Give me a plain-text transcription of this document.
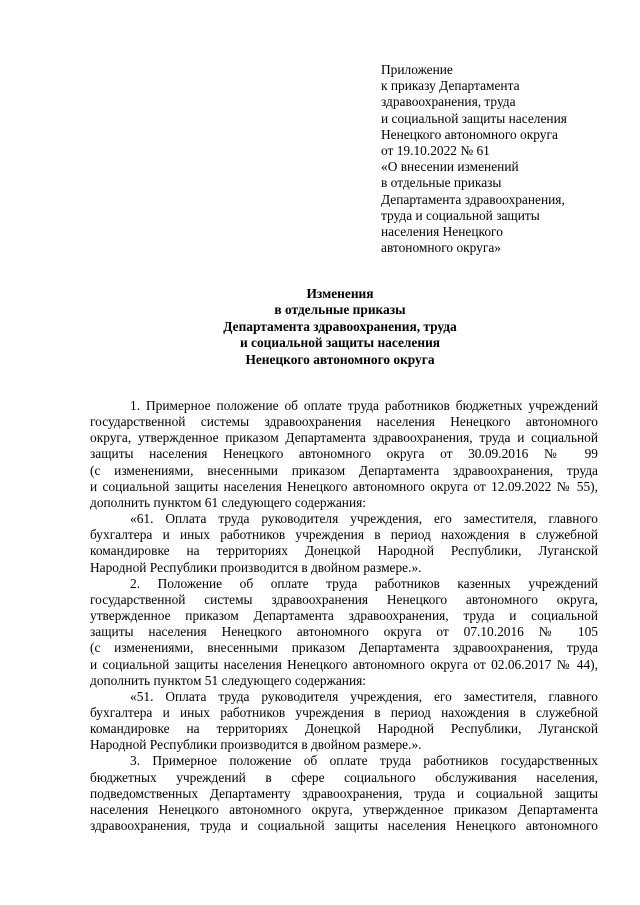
Приложение
к приказу Департамента
здравоохранения, труда
и социальной защиты населения
Ненецкого автономного округа
от 19.10.2022 № 61
«О внесении изменений
в отдельные приказы
Департамента здравоохранения,
труда и социальной защиты
населения Ненецкого
автономного округа»
Изменения
в отдельные приказы
Департамента здравоохранения, труда
и социальной защиты населения
Ненецкого автономного округа
1. Примерное положение об оплате труда работников бюджетных учреждений
государственной системы здравоохранения населения Ненецкого автономного
округа, утвержденное приказом Департамента здравоохранения, труда и социальной
защиты населения Ненецкого автономного округа от 30.09.2016 № 99
(с изменениями, внесенными приказом Департамента здравоохранения, труда
и социальной защиты населения Ненецкого автономного округа от 12.09.2022 № 55),
дополнить пунктом 61 следующего содержания:
«61. Оплата труда руководителя учреждения, его заместителя, главного
бухгалтера и иных работников учреждения в период нахождения в служебной
командировке на территориях Донецкой Народной Республики, Луганской
Народной Республики производится в двойном размере.».
2. Положение об оплате труда работников казенных учреждений
государственной системы здравоохранения Ненецкого автономного округа,
утвержденное приказом Департамента здравоохранения, труда и социальной
защиты населения Ненецкого автономного округа от 07.10.2016 № 105
(с изменениями, внесенными приказом Департамента здравоохранения, труда
и социальной защиты населения Ненецкого автономного округа от 02.06.2017 № 44),
дополнить пунктом 51 следующего содержания:
«51. Оплата труда руководителя учреждения, его заместителя, главного
бухгалтера и иных работников учреждения в период нахождения в служебной
командировке на территориях Донецкой Народной Республики, Луганской
Народной Республики производится в двойном размере.».
3. Примерное положение об оплате труда работников государственных
бюджетных учреждений в сфере социального обслуживания населения,
подведомственных Департаменту здравоохранения, труда и социальной защиты
населения Ненецкого автономного округа, утвержденное приказом Департамента
здравоохранения, труда и социальной защиты населения Ненецкого автономного
